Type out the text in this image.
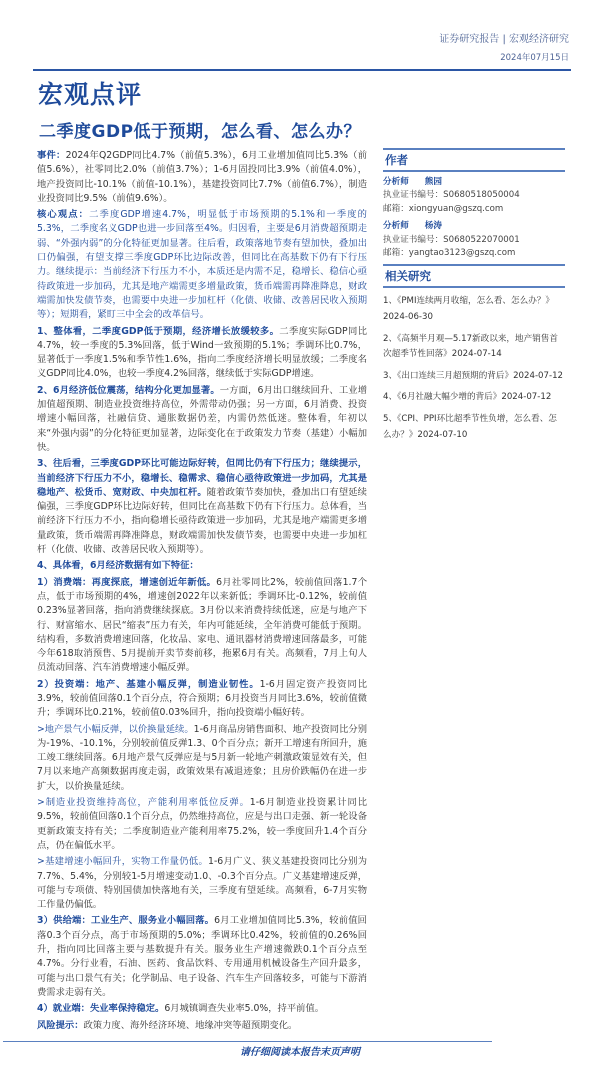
证券研究报告 | 宏观经济研究
2024年07月15日
宏观点评
二季度GDP低于预期，怎么看、怎么办？

事件：2024年Q2GDP同比4.7%（前值5.3%），6月工业增加值同比5.3%（前值5.6%），社零同比2.0%（前值3.7%）；1-6月固投同比3.9%（前值4.0%），地产投资同比-10.1%（前值-10.1%），基建投资同比7.7%（前值6.7%），制造业投资同比9.5%（前值9.6%）。

核心观点：二季度GDP增速4.7%，明显低于市场预期的5.1%和一季度的5.3%，二季度名义GDP也进一步回落至4%。归因看，主要是6月消费超预期走弱、“外强内弱”的分化特征更加显著。往后看，政策落地节奏有望加快，叠加出口仍偏强，有望支撑三季度GDP环比边际改善，但同比在高基数下仍有下行压力。继续提示：当前经济下行压力不小，本质还是内需不足，稳增长、稳信心亟待政策进一步加码，尤其是地产端需更多增量政策，货币端需再降准降息，财政端需加快发债节奏，也需要中央进一步加杠杆（化债、收储、改善居民收入预期等）；短期看，紧盯三中全会的改革信号。

1、整体看，二季度GDP低于预期，经济增长放缓较多。二季度实际GDP同比4.7%，较一季度的5.3%回落，低于Wind一致预期的5.1%；季调环比0.7%，显著低于一季度1.5%和季节性1.6%，指向二季度经济增长明显放缓；二季度名义GDP同比4.0%，也较一季度4.2%回落，继续低于实际GDP增速。

2、6月经济低位震荡，结构分化更加显著。一方面，6月出口继续回升、工业增加值超预期、制造业投资维持高位，外需带动仍强；另一方面，6月消费、投资增速小幅回落，社融信贷、通胀数据仍差，内需仍然低迷。整体看，年初以来“外强内弱”的分化特征更加显著，边际变化在于政策发力节奏（基建）小幅加快。

3、往后看，三季度GDP环比可能边际好转，但同比仍有下行压力；继续提示，当前经济下行压力不小，稳增长、稳需求、稳信心亟待政策进一步加码，尤其是稳地产、松货币、宽财政、中央加杠杆。随着政策节奏加快，叠加出口有望延续偏强，三季度GDP环比边际好转，但同比在高基数下仍有下行压力。总体看，当前经济下行压力不小，指向稳增长亟待政策进一步加码，尤其是地产端需更多增量政策，货币端需再降准降息，财政端需加快发债节奏，也需要中央进一步加杠杆（化债、收储、改善居民收入预期等）。

4、具体看，6月经济数据有如下特征：

1）消费端：再度探底，增速创近年新低。6月社零同比2%，较前值回落1.7个点，低于市场预期的4%，增速创2022年以来新低；季调环比-0.12%，较前值0.23%显著回落，指向消费继续探底。3月份以来消费持续低迷，应是与地产下行、财富缩水、居民“缩表”压力有关，年内可能延续，全年消费可能低于预期。结构看，多数消费增速回落，化妆品、家电、通讯器材消费增速回落最多，可能今年618取消预售、5月提前开卖节奏前移，拖累6月有关。高频看，7月上旬人员流动回落、汽车消费增速小幅反弹。

2）投资端：地产、基建小幅反弹，制造业韧性。1-6月固定资产投资同比3.9%，较前值回落0.1个百分点，符合预期；6月投资当月同比3.6%，较前值微升；季调环比0.21%，较前值0.03%回升，指向投资端小幅好转。

>地产景气小幅反弹，以价换量延续。1-6月商品房销售面积、地产投资同比分别为-19%、-10.1%，分别较前值反弹1.3、0个百分点；新开工增速有所回升，施工竣工继续回落。6月地产景气反弹应是与5月新一轮地产刺激政策显效有关，但7月以来地产高频数据再度走弱，政策效果有减退迹象；且房价跌幅仍在进一步扩大，以价换量延续。

>制造业投资维持高位，产能利用率低位反弹。1-6月制造业投资累计同比9.5%，较前值回落0.1个百分点，仍然维持高位，应是与出口走强、新一轮设备更新政策支持有关；二季度制造业产能利用率75.2%，较一季度回升1.4个百分点，仍在偏低水平。

>基建增速小幅回升，实物工作量仍低。1-6月广义、狭义基建投资同比分别为7.7%、5.4%，分别较1-5月增速变动1.0、-0.3个百分点。广义基建增速反弹，可能与专项债、特别国债加快落地有关，三季度有望延续。高频看，6-7月实物工作量仍偏低。

3）供给端：工业生产、服务业小幅回落。6月工业增加值同比5.3%，较前值回落0.3个百分点，高于市场预期的5.0%；季调环比0.42%，较前值的0.26%回升，指向同比回落主要与基数提升有关。服务业生产增速微跌0.1个百分点至4.7%。分行业看，石油、医药、食品饮料、专用通用机械设备生产回升最多，可能与出口景气有关；化学制品、电子设备、汽车生产回落较多，可能与下游消费需求走弱有关。

4）就业端：失业率保持稳定。6月城镇调查失业率5.0%，持平前值。

风险提示：政策力度、海外经济环境、地缘冲突等超预期变化。

作者
分析师 熊园
执业证书编号：S0680518050004
邮箱：xiongyuan@gszq.com
分析师 杨涛
执业证书编号：S0680522070001
邮箱：yangtao3123@gszq.com
相关研究
1、《PMI连续两月收缩，怎么看、怎么办？》2024-06-30
2、《高频半月观—5.17新政以来，地产销售首次超季节性回落》2024-07-14
3、《出口连续三月超预期的背后》2024-07-12
4、《6月社融大幅少增的背后》2024-07-12
5、《CPI、PPI环比超季节性负增，怎么看、怎么办？》2024-07-10
请仔细阅读本报告末页声明
